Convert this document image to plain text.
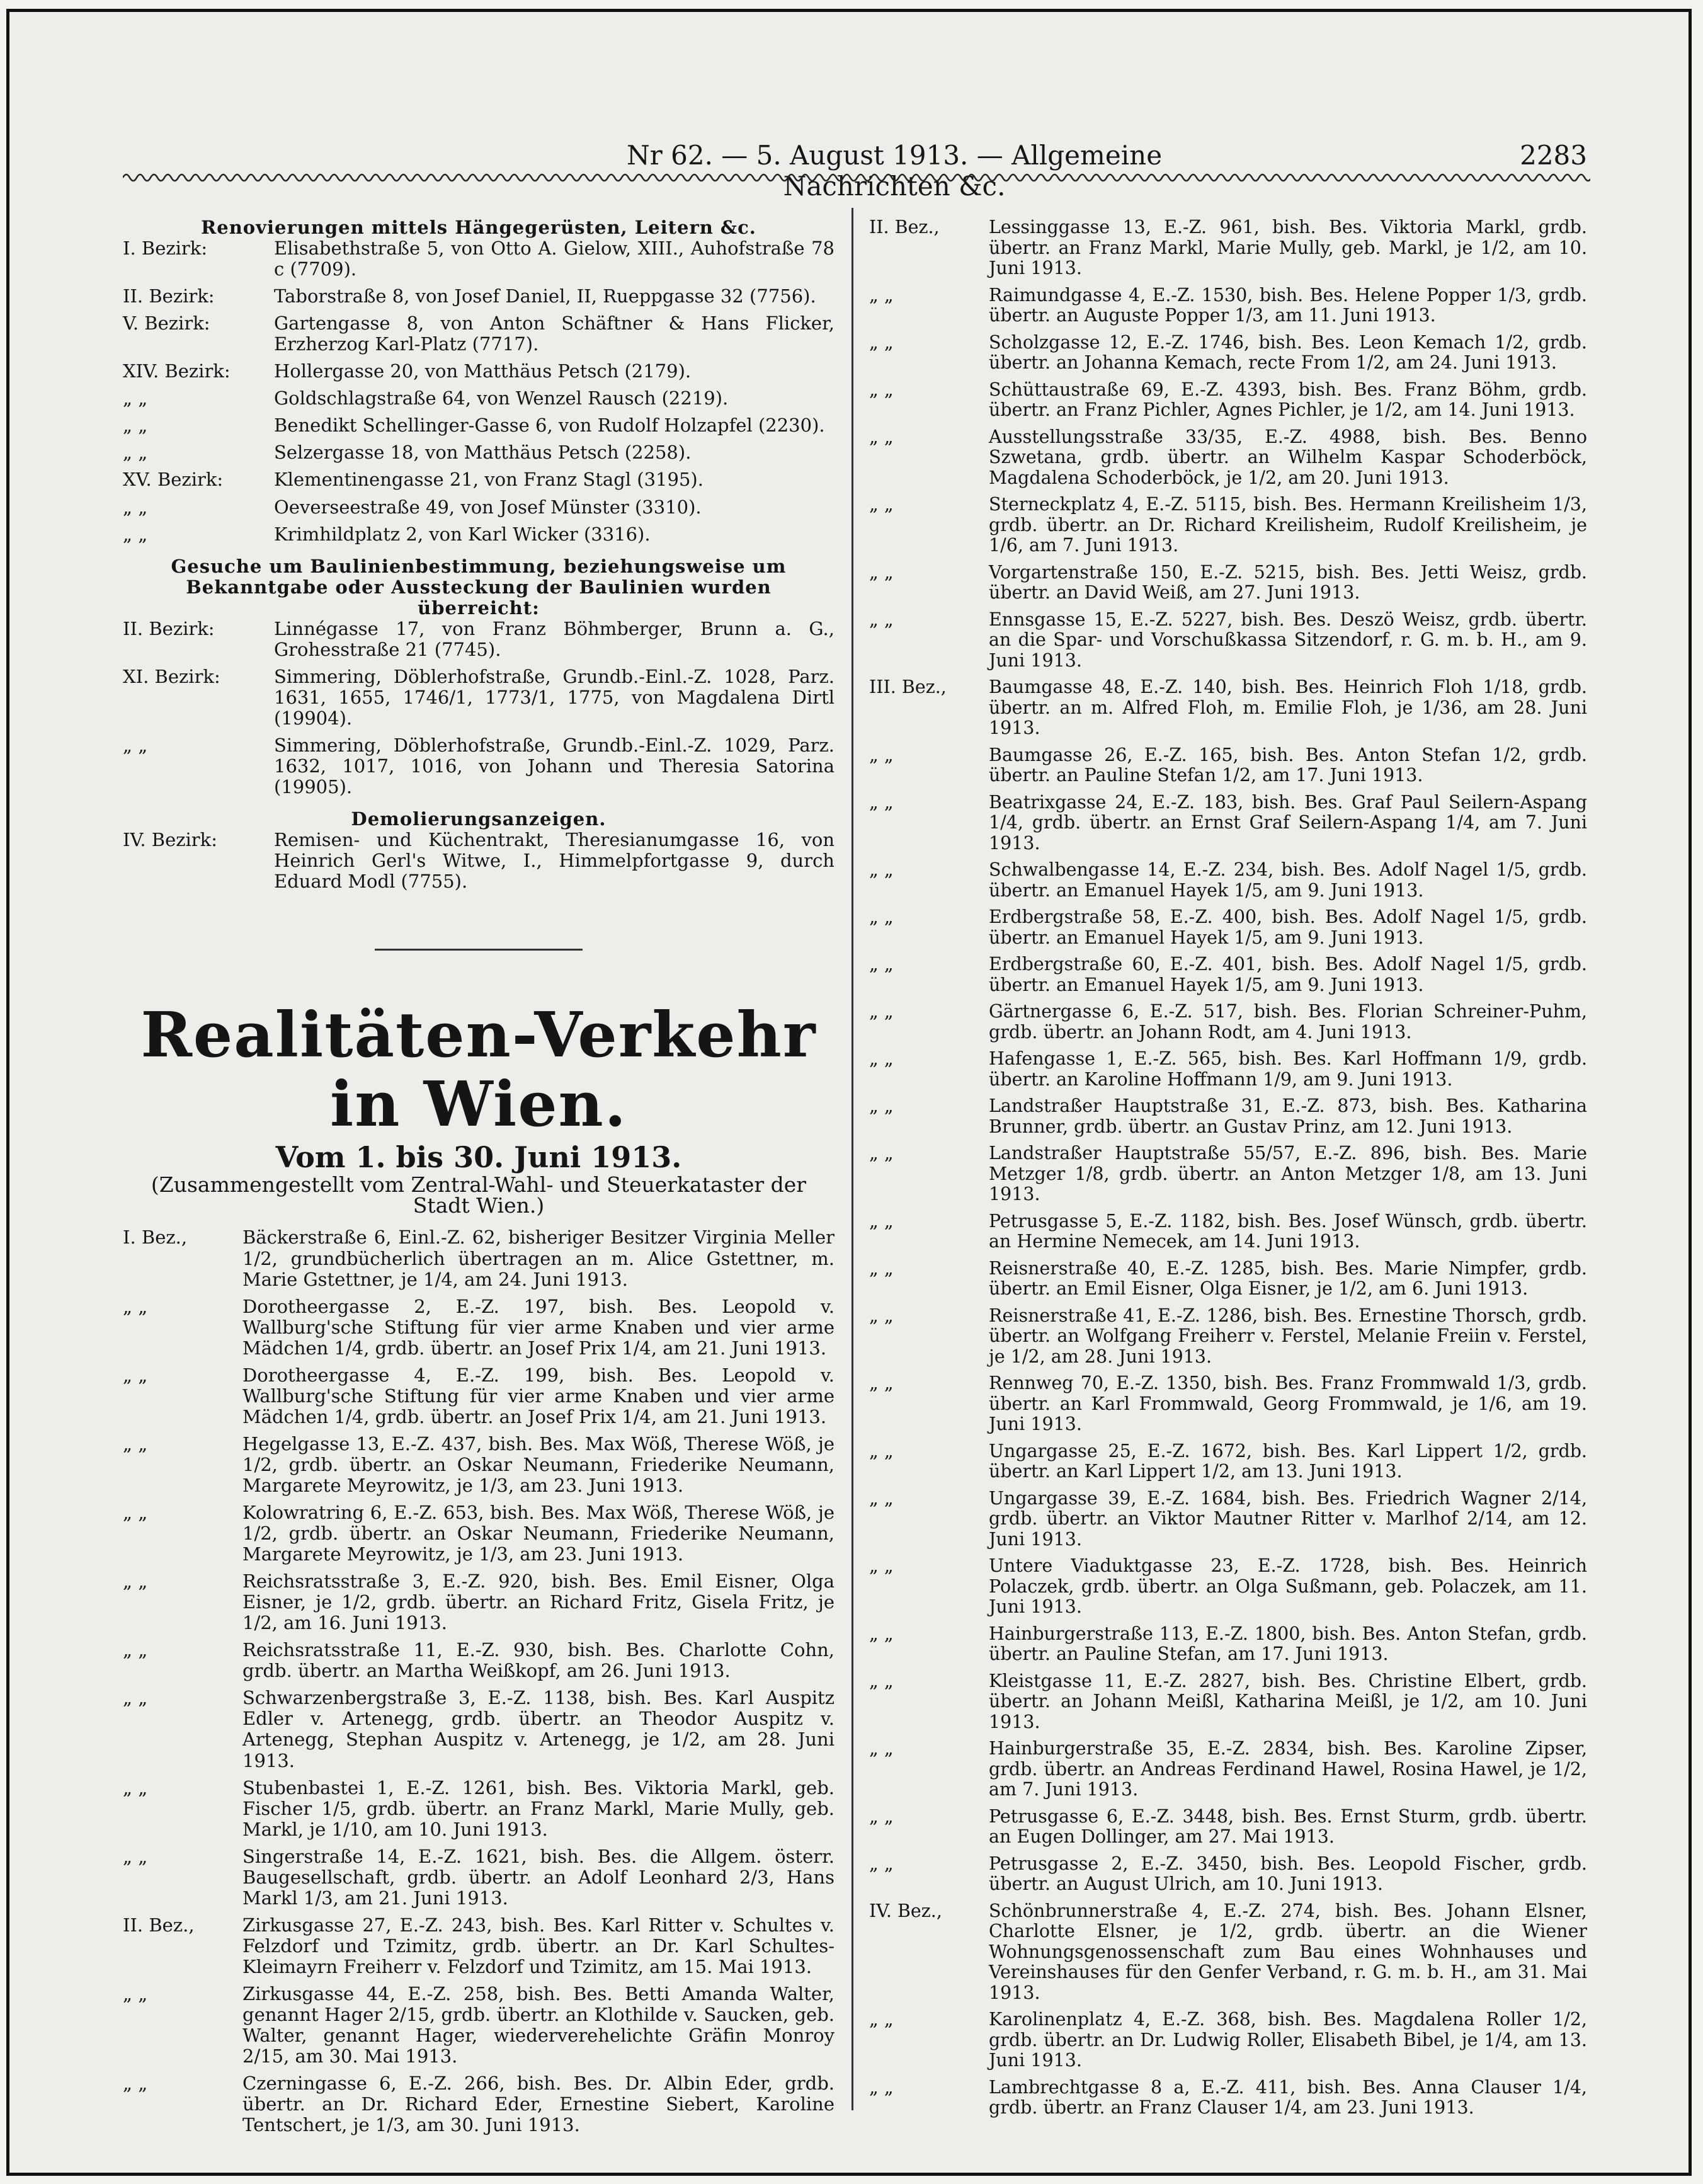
Nr 62. — 5. August 1913. — Allgemeine Nachrichten &c.
2283
Renovierungen mittels Hängegerüsten, Leitern &c.
I. Bezirk:	Elisabethstraße 5, von Otto A. Gielow, XIII., Auhofstraße 78 c (7709).
II. Bezirk:	Taborstraße 8, von Josef Daniel, II, Rueppgasse 32 (7756).
V. Bezirk:	Gartengasse 8, von Anton Schäftner & Hans Flicker, Erzherzog Karl-Platz (7717).
XIV. Bezirk:	Hollergasse 20, von Matthäus Petsch (2179).
„ „	Goldschlagstraße 64, von Wenzel Rausch (2219).
„ „	Benedikt Schellinger-Gasse 6, von Rudolf Holzapfel (2230).
„ „	Selzergasse 18, von Matthäus Petsch (2258).
XV. Bezirk:	Klementinengasse 21, von Franz Stagl (3195).
„ „	Oeverseestraße 49, von Josef Münster (3310).
„ „	Krimhildplatz 2, von Karl Wicker (3316).
Gesuche um Baulinienbestimmung, beziehungsweise um Bekanntgabe oder Aussteckung der Baulinien wurden überreicht:
II. Bezirk:	Linnégasse 17, von Franz Böhmberger, Brunn a. G., Grohesstraße 21 (7745).
XI. Bezirk:	Simmering, Döblerhofstraße, Grundb.-Einl.-Z. 1028, Parz. 1631, 1655, 1746/1, 1773/1, 1775, von Magdalena Dirtl (19904).
„ „	Simmering, Döblerhofstraße, Grundb.-Einl.-Z. 1029, Parz. 1632, 1017, 1016, von Johann und Theresia Satorina (19905).
Demolierungsanzeigen.
IV. Bezirk:	Remisen- und Küchentrakt, Theresianumgasse 16, von Heinrich Gerl's Witwe, I., Himmelpfortgasse 9, durch Eduard Modl (7755).
Realitäten-Verkehr in Wien.
Vom 1. bis 30. Juni 1913.
(Zusammengestellt vom Zentral-Wahl- und Steuerkataster der Stadt Wien.)
I. Bez.,	Bäckerstraße 6, Einl.-Z. 62, bisheriger Besitzer Virginia Meller 1/2, grundbücherlich übertragen an m. Alice Gstettner, m. Marie Gstettner, je 1/4, am 24. Juni 1913.
„ „	Dorotheergasse 2, E.-Z. 197, bish. Bes. Leopold v. Wallburg'sche Stiftung für vier arme Knaben und vier arme Mädchen 1/4, grdb. übertr. an Josef Prix 1/4, am 21. Juni 1913.
„ „	Dorotheergasse 4, E.-Z. 199, bish. Bes. Leopold v. Wallburg'sche Stiftung für vier arme Knaben und vier arme Mädchen 1/4, grdb. übertr. an Josef Prix 1/4, am 21. Juni 1913.
„ „	Hegelgasse 13, E.-Z. 437, bish. Bes. Max Wöß, Therese Wöß, je 1/2, grdb. übertr. an Oskar Neumann, Friederike Neumann, Margarete Meyrowitz, je 1/3, am 23. Juni 1913.
„ „	Kolowratring 6, E.-Z. 653, bish. Bes. Max Wöß, Therese Wöß, je 1/2, grdb. übertr. an Oskar Neumann, Friederike Neumann, Margarete Meyrowitz, je 1/3, am 23. Juni 1913.
„ „	Reichsratsstraße 3, E.-Z. 920, bish. Bes. Emil Eisner, Olga Eisner, je 1/2, grdb. übertr. an Richard Fritz, Gisela Fritz, je 1/2, am 16. Juni 1913.
„ „	Reichsratsstraße 11, E.-Z. 930, bish. Bes. Charlotte Cohn, grdb. übertr. an Martha Weißkopf, am 26. Juni 1913.
„ „	Schwarzenbergstraße 3, E.-Z. 1138, bish. Bes. Karl Auspitz Edler v. Artenegg, grdb. übertr. an Theodor Auspitz v. Artenegg, Stephan Auspitz v. Artenegg, je 1/2, am 28. Juni 1913.
„ „	Stubenbastei 1, E.-Z. 1261, bish. Bes. Viktoria Markl, geb. Fischer 1/5, grdb. übertr. an Franz Markl, Marie Mully, geb. Markl, je 1/10, am 10. Juni 1913.
„ „	Singerstraße 14, E.-Z. 1621, bish. Bes. die Allgem. österr. Baugesellschaft, grdb. übertr. an Adolf Leonhard 2/3, Hans Markl 1/3, am 21. Juni 1913.
II. Bez.,	Zirkusgasse 27, E.-Z. 243, bish. Bes. Karl Ritter v. Schultes v. Felzdorf und Tzimitz, grdb. übertr. an Dr. Karl Schultes-Kleimayrn Freiherr v. Felzdorf und Tzimitz, am 15. Mai 1913.
„ „	Zirkusgasse 44, E.-Z. 258, bish. Bes. Betti Amanda Walter, genannt Hager 2/15, grdb. übertr. an Klothilde v. Saucken, geb. Walter, genannt Hager, wiederverehelichte Gräfin Monroy 2/15, am 30. Mai 1913.
„ „	Czerningasse 6, E.-Z. 266, bish. Bes. Dr. Albin Eder, grdb. übertr. an Dr. Richard Eder, Ernestine Siebert, Karoline Tentschert, je 1/3, am 30. Juni 1913.
II. Bez.,	Lessinggasse 13, E.-Z. 961, bish. Bes. Viktoria Markl, grdb. übertr. an Franz Markl, Marie Mully, geb. Markl, je 1/2, am 10. Juni 1913.
„ „	Raimundgasse 4, E.-Z. 1530, bish. Bes. Helene Popper 1/3, grdb. übertr. an Auguste Popper 1/3, am 11. Juni 1913.
„ „	Scholzgasse 12, E.-Z. 1746, bish. Bes. Leon Kemach 1/2, grdb. übertr. an Johanna Kemach, recte From 1/2, am 24. Juni 1913.
„ „	Schüttaustraße 69, E.-Z. 4393, bish. Bes. Franz Böhm, grdb. übertr. an Franz Pichler, Agnes Pichler, je 1/2, am 14. Juni 1913.
„ „	Ausstellungsstraße 33/35, E.-Z. 4988, bish. Bes. Benno Szwetana, grdb. übertr. an Wilhelm Kaspar Schoderböck, Magdalena Schoderböck, je 1/2, am 20. Juni 1913.
„ „	Sterneckplatz 4, E.-Z. 5115, bish. Bes. Hermann Kreilisheim 1/3, grdb. übertr. an Dr. Richard Kreilisheim, Rudolf Kreilisheim, je 1/6, am 7. Juni 1913.
„ „	Vorgartenstraße 150, E.-Z. 5215, bish. Bes. Jetti Weisz, grdb. übertr. an David Weiß, am 27. Juni 1913.
„ „	Ennsgasse 15, E.-Z. 5227, bish. Bes. Deszö Weisz, grdb. übertr. an die Spar- und Vorschußkassa Sitzendorf, r. G. m. b. H., am 9. Juni 1913.
III. Bez.,	Baumgasse 48, E.-Z. 140, bish. Bes. Heinrich Floh 1/18, grdb. übertr. an m. Alfred Floh, m. Emilie Floh, je 1/36, am 28. Juni 1913.
„ „	Baumgasse 26, E.-Z. 165, bish. Bes. Anton Stefan 1/2, grdb. übertr. an Pauline Stefan 1/2, am 17. Juni 1913.
„ „	Beatrixgasse 24, E.-Z. 183, bish. Bes. Graf Paul Seilern-Aspang 1/4, grdb. übertr. an Ernst Graf Seilern-Aspang 1/4, am 7. Juni 1913.
„ „	Schwalbengasse 14, E.-Z. 234, bish. Bes. Adolf Nagel 1/5, grdb. übertr. an Emanuel Hayek 1/5, am 9. Juni 1913.
„ „	Erdbergstraße 58, E.-Z. 400, bish. Bes. Adolf Nagel 1/5, grdb. übertr. an Emanuel Hayek 1/5, am 9. Juni 1913.
„ „	Erdbergstraße 60, E.-Z. 401, bish. Bes. Adolf Nagel 1/5, grdb. übertr. an Emanuel Hayek 1/5, am 9. Juni 1913.
„ „	Gärtnergasse 6, E.-Z. 517, bish. Bes. Florian Schreiner-Puhm, grdb. übertr. an Johann Rodt, am 4. Juni 1913.
„ „	Hafengasse 1, E.-Z. 565, bish. Bes. Karl Hoffmann 1/9, grdb. übertr. an Karoline Hoffmann 1/9, am 9. Juni 1913.
„ „	Landstraßer Hauptstraße 31, E.-Z. 873, bish. Bes. Katharina Brunner, grdb. übertr. an Gustav Prinz, am 12. Juni 1913.
„ „	Landstraßer Hauptstraße 55/57, E.-Z. 896, bish. Bes. Marie Metzger 1/8, grdb. übertr. an Anton Metzger 1/8, am 13. Juni 1913.
„ „	Petrusgasse 5, E.-Z. 1182, bish. Bes. Josef Wünsch, grdb. übertr. an Hermine Nemecek, am 14. Juni 1913.
„ „	Reisnerstraße 40, E.-Z. 1285, bish. Bes. Marie Nimpfer, grdb. übertr. an Emil Eisner, Olga Eisner, je 1/2, am 6. Juni 1913.
„ „	Reisnerstraße 41, E.-Z. 1286, bish. Bes. Ernestine Thorsch, grdb. übertr. an Wolfgang Freiherr v. Ferstel, Melanie Freiin v. Ferstel, je 1/2, am 28. Juni 1913.
„ „	Rennweg 70, E.-Z. 1350, bish. Bes. Franz Frommwald 1/3, grdb. übertr. an Karl Frommwald, Georg Frommwald, je 1/6, am 19. Juni 1913.
„ „	Ungargasse 25, E.-Z. 1672, bish. Bes. Karl Lippert 1/2, grdb. übertr. an Karl Lippert 1/2, am 13. Juni 1913.
„ „	Ungargasse 39, E.-Z. 1684, bish. Bes. Friedrich Wagner 2/14, grdb. übertr. an Viktor Mautner Ritter v. Marlhof 2/14, am 12. Juni 1913.
„ „	Untere Viaduktgasse 23, E.-Z. 1728, bish. Bes. Heinrich Polaczek, grdb. übertr. an Olga Sußmann, geb. Polaczek, am 11. Juni 1913.
„ „	Hainburgerstraße 113, E.-Z. 1800, bish. Bes. Anton Stefan, grdb. übertr. an Pauline Stefan, am 17. Juni 1913.
„ „	Kleistgasse 11, E.-Z. 2827, bish. Bes. Christine Elbert, grdb. übertr. an Johann Meißl, Katharina Meißl, je 1/2, am 10. Juni 1913.
„ „	Hainburgerstraße 35, E.-Z. 2834, bish. Bes. Karoline Zipser, grdb. übertr. an Andreas Ferdinand Hawel, Rosina Hawel, je 1/2, am 7. Juni 1913.
„ „	Petrusgasse 6, E.-Z. 3448, bish. Bes. Ernst Sturm, grdb. übertr. an Eugen Dollinger, am 27. Mai 1913.
„ „	Petrusgasse 2, E.-Z. 3450, bish. Bes. Leopold Fischer, grdb. übertr. an August Ulrich, am 10. Juni 1913.
IV. Bez.,	Schönbrunnerstraße 4, E.-Z. 274, bish. Bes. Johann Elsner, Charlotte Elsner, je 1/2, grdb. übertr. an die Wiener Wohnungsgenossenschaft zum Bau eines Wohnhauses und Vereinshauses für den Genfer Verband, r. G. m. b. H., am 31. Mai 1913.
„ „	Karolinenplatz 4, E.-Z. 368, bish. Bes. Magdalena Roller 1/2, grdb. übertr. an Dr. Ludwig Roller, Elisabeth Bibel, je 1/4, am 13. Juni 1913.
„ „	Lambrechtgasse 8 a, E.-Z. 411, bish. Bes. Anna Clauser 1/4, grdb. übertr. an Franz Clauser 1/4, am 23. Juni 1913.
